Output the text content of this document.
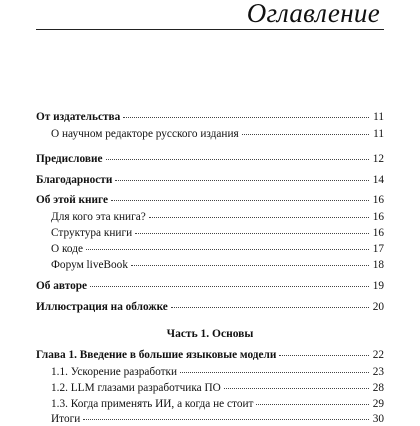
Оглавление
От издательства	11
О научном редакторе русского издания	11
Предисловие	12
Благодарности	14
Об этой книге	16
Для кого эта книга?	16
Структура книги	16
О коде	17
Форум liveBook	18
Об авторе	19
Иллюстрация на обложке	20
Часть 1. Основы
Глава 1. Введение в большие языковые модели	22
1.1. Ускорение разработки	23
1.2. LLM глазами разработчика ПО	28
1.3. Когда применять ИИ, а когда не стоит	29
Итоги	30
